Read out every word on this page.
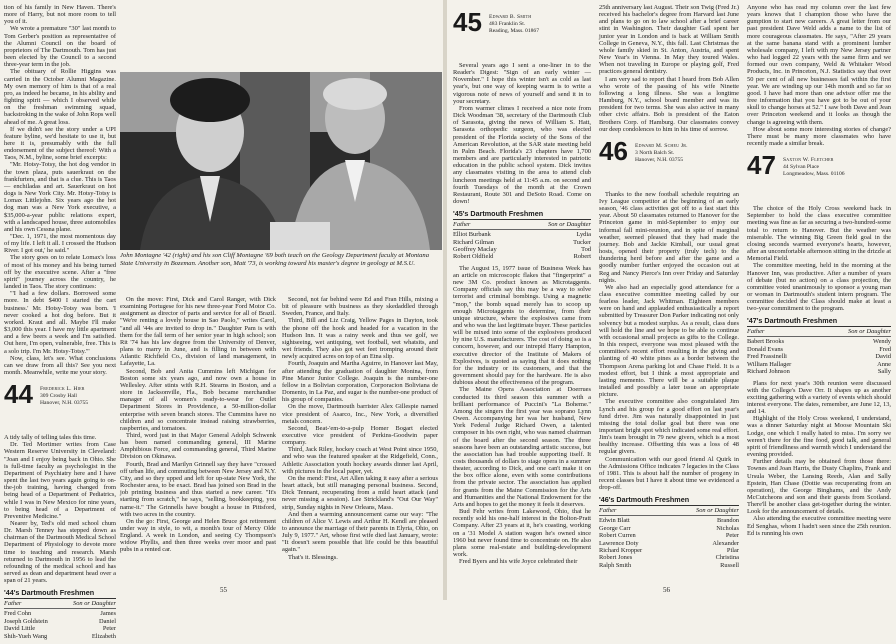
tion of his family in New Haven. There's more of Harry, but not more room to tell you of it.

We wrote a premature "30" last month to Tom Gerber's position as representative of the Alumni Council on the board of proprietors of The Dartmouth. Tom has just been elected by the Council to a second three-year term in the job.

The obituary of Rollie Higgins was carried in the October Alumni Magazine. My own memory of him is that of a real pro, as indeed he became, in his ability and fighting spirit — which I observed while on the freshman swimming squad, backstroking in the wake of John Rops well ahead of me. A great loss.

If we didn't see the story under a UPI feature byline, we'd hesitate to use it, but here it is, presumably with the full endorsement of the subject thereof: With a Taos, N.M., byline, some brief excerpts:

"Mr. Hotsy-Totsy, the hot dog vendor in the town plaza, puts sauerkraut on the frankfurters, and that is a clue. This is Taos — enchiladas and art. Sauerkraut on hot dogs is New York City. Mr. Hotsy-Totsy is Lomax Littlejohn. Six years ago the hot dog man was a New York executive, a $35,000-a-year public relations expert, with a landscaped house, three automobiles and his own Cessna plane.

"Dec. 1, 1971, the most momentous day of my life. I left it all. I crossed the Hudson River. I got out,' he said."

The story goes on to relate Lomax's loss of most of his money and his being turned off by the executive scene. After a "free spirit" journey across the country, he landed in Taos. The story continues:

"'I had a few dollars. Borrowed some more. In debt $400 I started the cart business.' Mr. Hotsy-Totsy was born. 'I never cooked a hot dog before. But it worked. Kraut and all. Maybe I'll make $3,000 this year. I have my little apartment and a few beers a week and I'm satisfied. Out here, I'm open, vulnerable, free. This is a solo trip. I'm Mr. Hotsy-Totsy.'"

Now, class, let's see. What conclusions can we draw from all this? See you next month. Meanwhile, write me your story.

44 Frederick L. Hier
309 Crosby Hall
Hanover, N.H. 03755

A tidy tally of telling tales this time.

Dr. Ted Mortimer writes from Case Western Reserve University in Cleveland: "Joan and I enjoy being back in Ohio. She is full-time faculty as psychologist in the Department of Psychiatry here and I have spent the last two years again going to on-the-job training, having changed from being head of a Department of Pediatrics, while I was in New Mexico for nine years, to being head of a Department of Preventive Medicine."

Nearer by, Ted's old med school chum Dr. Marsh Tenney has stepped down as chairman of the Dartmouth Medical School Department of Physiology to devote more time to teaching and research. Marsh returned to Dartmouth in 1956 to lead the refounding of the medical school and has served as dean and department head over a span of 21 years.

'44's Dartmouth Freshmen
Father	Son or Daughter
Fred Cohn	James
Joseph Goldstein	Daniel
David Little	Peter
Shih-Yueh Wang	Elizabeth
John Montagne '42 (right) and his son Cliff Montagne '69 both teach on the Geology Department faculty at Montana State University in Bozeman. Another son, Matt '73, is working toward his master's degree in geology at M.S.U.

On the move: First, Dick and Carol Ranger, with Dick examining Portugese for his new three-year Ford Motor Co. assignment as director of parts and service for all of Brazil. "We're renting a lovely house in Sao Paolo," writes Carol, "and all '44s are invited to drop in." Daughter Pam is with them for the fall term of her senior year in high school; son Rit '74 has his law degree from the University of Denver, plans to marry in June, and is filling in between with Atlantic Richfield Co., division of land management, in Lafayette, La.

Second, Bob and Anita Cummins left Michigan for Boston some six years ago, and now own a house in Wellesley. After stints with R.H. Stearns in Boston, and a store in Jacksonville, Fla., Bob became merchandise manager of all women's ready-to-wear for Outlet Department Stores in Providence, a 50-million-dollar enterprise with seven branch stores. The Cummins have no children and so concentrate instead raising strawberries, raspberries, and tomatoes.

Third, word just in that Major General Adolph Schwenk has been named commanding general, III Marine Amphibious Force, and commanding general, Third Marine Division on Okinawa.

Fourth, Brad and Marilyn Grinnell say they have "crossed off urban life, and commuting between New Jersey and N.Y. City, and so they upped and left for up-state New York, the Rochester area, to be exact. Brad has joined son Brad in the job printing business and thus started a new career. "It's starting from scratch," he says, "selling, bookkeeping, you name-it." The Grinnells have bought a house in Pittsford, with two acres in the country.

On the go: First, George and Helen Bruce got retirement under way in style, to wit, a month's tour of Mercy Olde England. A week in London, and seeing Cy Thompson's widow Phyllis, and then three weeks over moor and past pubs in a rented car.

Second, not far behind were Ed and Fran Hills, mixing a bit of pleasure with business as they skedaddled through Sweden, France, and Italy.

Third, Bill and Liz Craig, Yellow Pages in Dayton, took the phone off the hook and headed for a vacation in the Hudson Inn. It was a rainy week and thus we golf, we sightseeing, wet antiquing, wet football, wet whatsits, and wet friends. They also got wet feet tromping around their newly acquired acres on top of an Etna slip.

Fourth, Joaquin and Martha Aguirre, in Hanover last May, after attending the graduation of daughter Monina, from Pine Manor Junior College. Joaquin is the number-one fellow in a Bolivian corporation, Corporacion Boliviana de Domento, in La Paz, and sugar is the number-one product of his group of companies.

On the move, Dartmouth barrister Alex Gillespie named vice president of Asarco, Inc., New York, a diversified metals concern.

Second, Beat-'em-to-a-pulp Homer Bogart elected executive vice president of Perkins-Goodwin paper company.

Third, Jack Riley, hockey coach at West Point since 1950, and who was the featured speaker at the Ridgefield, Conn., Athletic Association youth hockey awards dinner last April, with pictures in the local paper, yet.

On the mend: First, Art Allen taking it easy after a serious heart attack, but still managing personal business. Second, Dick Tennant, recuperating from a mild heart attack (and never missing a session). Lee Strickland's "Out Our Way" strip, Sunday nights in New Orleans, Mass.

And then a warming announcement came our way: "The children of Alice V. Lewis and Arthur H. Kendl are pleased to announce the marriage of their parents in Elyria, Ohio, on July 9, 1977." Art, whose first wife died last January, wrote: "It doesn't seem possible that life could be this beautiful again."

That's it. Blessings.

55
45 Edward B. Smith
483 Franklin St.
Reading, Mass. 01867

Several years ago I sent a one-liner in to the Reader's Digest: "Sign of an early winter — November." I hope this winter isn't as cold as last year's, but one way of keeping warm is to write a vigorous note of news of yourself and send it in to your secretary.

From warmer climes I received a nice note from Dick Woodman '38, secretary of the Dartmouth Club of Sarasota, giving the news of William S. Hatt, Sarasota orthopedic surgeon, who was elected president of the Florida society of the Sons of the American Revolution, at the SAR state meeting held in Palm Beach. Florida's 23 chapters have 1,700 members and are particularly interested in patriotic education in the public school system. Dick invites any classmates visiting in the area to attend club luncheon meetings held at 11:45 a.m. on second and fourth Tuesdays of the month at the Crown Restaurant, Route 301 and DeSoto Road. Come on down!

'45's Dartmouth Freshmen
Father	Son or Daughter
Elliot Burbank	Lydia
Richard Gilman	Tucker
Geoffrey Maclay	Tod
Robert Oldfield	Robert

The August 15, 1977 issue of Business Week has an article on microscopic flakes that "fingerprint" a new 3M Co. product known as Microtaggents. Company officials say this may be a way to solve terrorist and criminal bombings. Using a magnetic "mop," the bomb squad merely has to scoop up enough Microtaggents to determine, from their unique structure, where the explosives came from and who was the last legitimate buyer. These particles will be mixed into some of the explosives produced by nine U.S. manufacturers. The cost of doing so is a concern, however, and our intrepid Harry Hampton, executive director of the Institute of Makers of Explosives, is quoted as saying that it does nothing for the industry or its customers, and that the government should pay for the hardware. He is also dubious about the effectiveness of the program.

The Maine Opera Association at Doerrues conducted its third season this summer with a brilliant performance of Puccini's "La Boheme." Among the singers the first year was soprano Lynn Owen. Accompanying her was her husband, New York Federal Judge Richard Owen, a talented composer in his own right, who was named chairman of the board after the second season. The three seasons have been an outstanding artistic success, but the association has had trouble supporting itself. It costs thousands of dollars to stage opera in a summer theater, according to Dick, and one can't make it on the box office alone, even with some contributions from the private sector. The association has applied for grants from the Maine Commission for the Arts and Humanities and the National Endowment for the Arts and hopes to get the money it feels it deserves.

Bud Fehr writes from Lakewood, Ohio, that he recently sold his one-half interest in the Bolton-Pratt Company. After 23 years at it, he's coasting, working on a '31 Model A station wagon he's owned since 1960 but never found time to concentrate on. He also plans some real-estate and building-development work.

Fred Byers and his wife Joyce celebrated their

25th anniversary last August. Their son Twig (Fred Jr.) received his bachelor's degree from Harvard last June and plans to go on to law school after a brief career stint in Washington. Their daughter Gail spent her junior year in London and is back at William Smith College in Geneva, N.Y., this fall. Last Christmas the whole family skied in St. Anton, Austria, and spent New Year's in Vienna. In May they toured Wales. When not traveling in Europe or playing golf, Fred practices general dentistry.

I am very sad to report that I heard from Bob Allen who wrote of the passing of his wife Ninette following a long illness. She was a longtime Hamburg, N.Y., school board member and was its president for two terms. She was also active in many other civic affairs. Bob is president of the Eaton Brothers Corp. of Hamburg. Our classmates convey our deep condolences to him in his time of sorrow.

46 Edward M. Scheu Jr.
3 North Balch St.
Hanover, N.H. 03755

Thanks to the new football schedule requiring an Ivy League competitor at the beginning of an early season, '46 class activities got off to a fast start this year. About 50 classmates returned to Hanover for the Princeton game in mid-September to enjoy our informal fall mini-reunion, and in spite of marginal weather, seemed pleased that they had made the journey. Bob and Jackie Kimball, our usual great hosts, opened their property (truly tech) to the thundering herd before and after the game and a goodly number further enjoyed the occasion out at Reg and Nancy Pierce's Inn over Friday and Saturday nights.

We also had an especially good attendance for a class executive committee meeting called by our fearless leader, Jack Whitman. Eighteen members were on hand and applauded enthusiastically a report submitted by Treasurer Don Parker indicating not only solvency but a modest surplus. As a result, class dues will hold the line and we hope to be able to continue with occasional small projects as gifts to the College. In this respect, everyone was most pleased with the committee's recent effort resulting in the giving and planting of 40 white pines as a border between the Thompson Arena parking lot and Chase Field. It is a modest effort, but I think a most appropriate and lasting memento. There will be a suitable plaque installed and possibly a later issue an appropriate picture.

The executive committee also congratulated Jim Lynch and his group for a good effort on last year's fund drive. Jim was naturally disappointed in just missing the total dollar goal but there was one important bright spot which indicated some real effort. Jim's team brought in 79 new givers, which is a most healthy increase. Offsetting this was a loss of 48 regular givers.

Communication with our good friend Al Quirk in the Admissions Office indicates 7 legacies in the Class of 1981. This is about half the number of progeny in recent classes but I have it about time we evidenced a drop-off.

'46's Dartmouth Freshmen
Father	Son or Daughter
Edwin Blatt	Brandon
George Carr	Nicholas
Robert Curren	Peter
Lawrence Doty	Alexander
Richard Kropper	Pilar
Robert Jones	Christina
Ralph Smith	Russell

Anyone who has read my column over the last few years knows that I champion those who have the gumption to start new careers. A great letter from our past president Dave Weld adds a name to the list of more courageous classmates. He says, "After 29 years at the same banana stand with a prominent lumber wholesale company, I left with my New Jersey partner who had logged 22 years with the same firm and we formed our own company, Weld & Whitaker Wood Products, Inc. in Princeton, N.J. Statistics say that over 50 per cent of all new businesses fail within the first year. We are winding up our 14th month and so far so good. I have had more than one advisor offer me the free information that you have got to be out of your skull to change horses at 52." I saw both Dave and Jean over Princeton weekend and it looks as though the change is agreeing with them.

How about some more interesting stories of change? There must be many more classmates who have recently made a similar break.

47 Saxton W. Fletcher
44 Sylvan Place
Longmeadow, Mass. 01106

The choice of the Holy Cross weekend back in September to hold the class executive committee meeting was fine as far as securing a two-hundred-some total to return to Hanover. But the weather was miserable. The winning Big Green field goal in the closing seconds warmed everyone's hearts, however, after an uncomfortable afternoon sitting in the drizzle at Memorial Field.

The committee meeting, held in the morning at the Hanover Inn, was productive. After a number of years of debate (but no action) on a class projection, the committee voted unanimously to sponsor a young man or woman in Dartmouth's student intern program. The committee decided the Class should make at least a two-year commitment to the program.

'47's Dartmouth Freshmen
Father	Son or Daughter
Babert Brooks	Wendy
Donald Evans	Fred
Fred Frassinelli	David
William Hallager	Anne
Richard Johnson	Sally

Plans for next year's 30th reunion were discussed with the College's Dave Orr. It shapes up as another exciting gathering with a variety of events which should interest everyone. The dates, remember, are June 12, 13, and 14.

Highlight of the Holy Cross weekend, I understand, was a dinner Saturday night at Moose Mountain Ski Lodge, one which I really hated to miss. I'm sorry we weren't there for the fine food, good talk, and general spirit of friendliness and warmth which I understand the evening provided.

Further details may be obtained from those there: Townes and Joan Harris, the Dusty Chaplins, Frank and Ursula Weber, the Lansing Reeds, Alan and Sally Epstein, Han Chase (Dottie was recuperating from an operation), the George Binghams, and the Andy McCutcheons and son and their guests from Scotland. There'll be another class get-together during the winter. Look for the announcement of details.

Also attending the executive committee meeting were Ed Senghas, whom I hadn't seen since the 25th reunion. Ed is running his own

56
